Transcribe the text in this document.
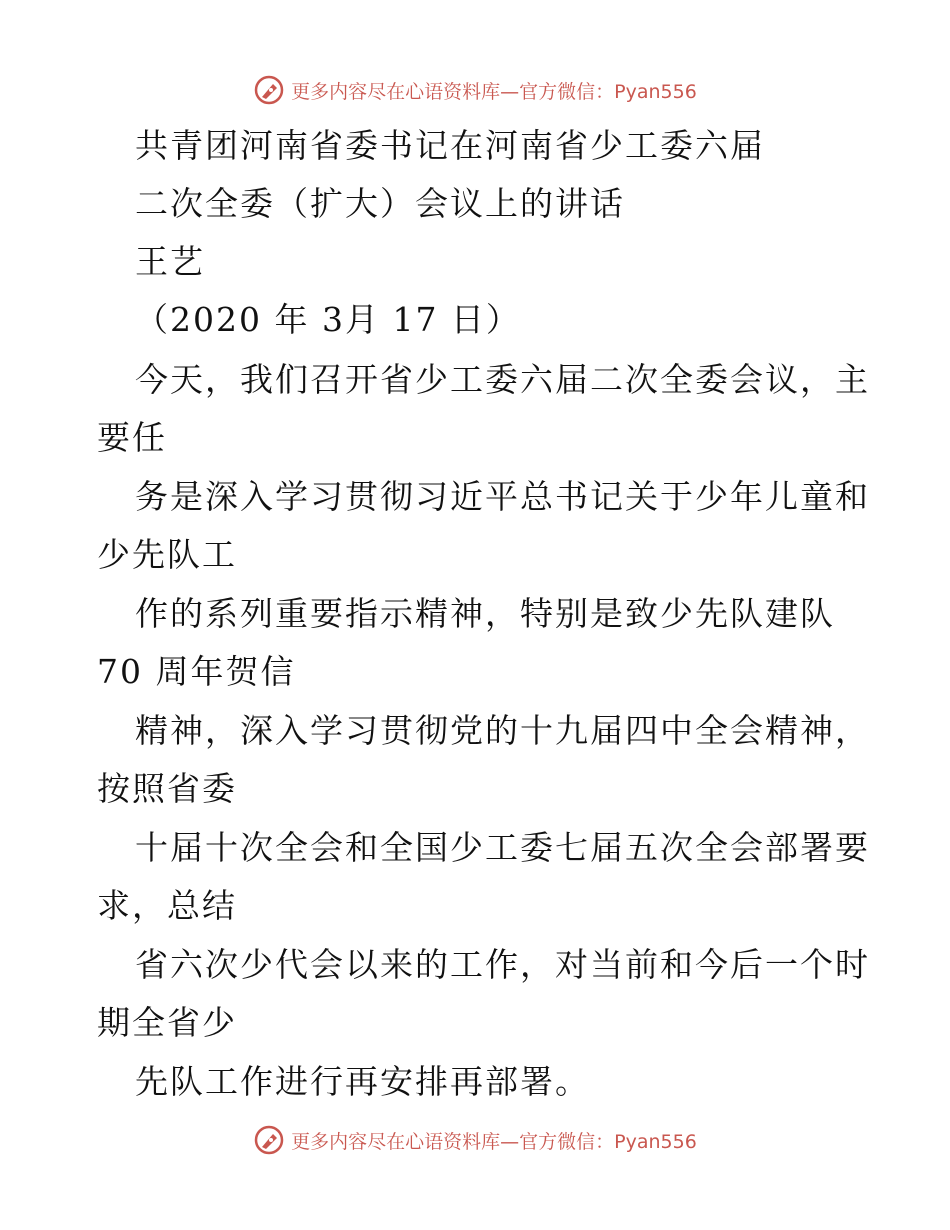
更多内容尽在心语资料库—官方微信：Pyan556
共青团河南省委书记在河南省少工委六届
二次全委（扩大）会议上的讲话
王艺
（2020 年 3月 17 日）
今天，我们召开省少工委六届二次全委会议，主
要任
务是深入学习贯彻习近平总书记关于少年儿童和
少先队工
作的系列重要指示精神，特别是致少先队建队
70 周年贺信
精神，深入学习贯彻党的十九届四中全会精神，
按照省委
十届十次全会和全国少工委七届五次全会部署要
求，总结
省六次少代会以来的工作，对当前和今后一个时
期全省少
先队工作进行再安排再部署。
更多内容尽在心语资料库—官方微信：Pyan556
